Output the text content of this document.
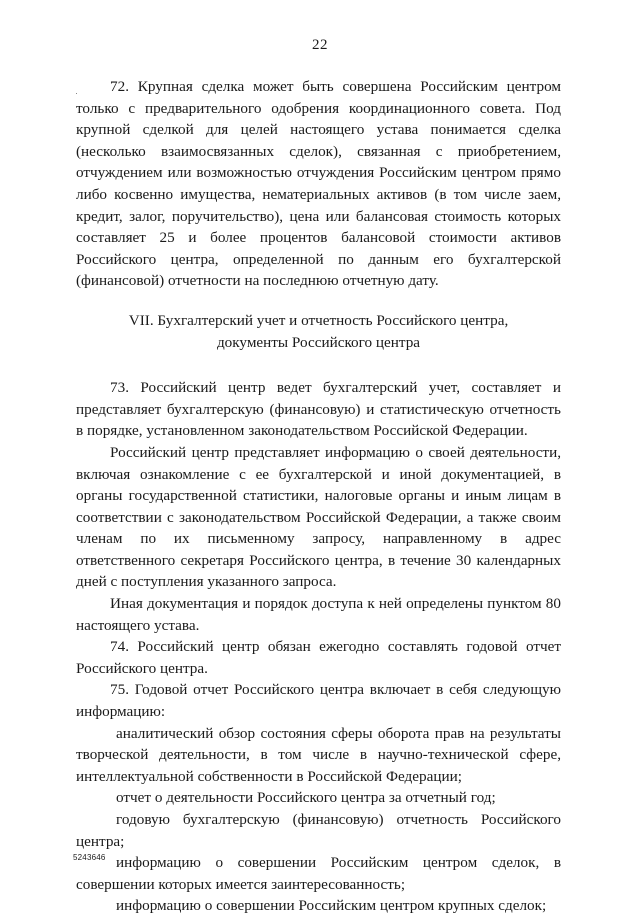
22

72. Крупная сделка может быть совершена Российским центром только с предварительного одобрения координационного совета. Под крупной сделкой для целей настоящего устава понимается сделка (несколько взаимосвязанных сделок), связанная с приобретением, отчуждением или возможностью отчуждения Российским центром прямо либо косвенно имущества, нематериальных активов (в том числе заем, кредит, залог, поручительство), цена или балансовая стоимость которых составляет 25 и более процентов балансовой стоимости активов Российского центра, определенной по данным его бухгалтерской (финансовой) отчетности на последнюю отчетную дату.

VII. Бухгалтерский учет и отчетность Российского центра,

документы Российского центра

73. Российский центр ведет бухгалтерский учет, составляет и представляет бухгалтерскую (финансовую) и статистическую отчетность в порядке, установленном законодательством Российской Федерации.

Российский центр представляет информацию о своей деятельности, включая ознакомление с ее бухгалтерской и иной документацией, в органы государственной статистики, налоговые органы и иным лицам в соответствии с законодательством Российской Федерации, а также своим членам по их письменному запросу, направленному в адрес ответственного секретаря Российского центра, в течение 30 календарных дней с поступления указанного запроса.

Иная документация и порядок доступа к ней определены пунктом 80 настоящего устава.

74. Российский центр обязан ежегодно составлять годовой отчет Российского центра.

75. Годовой отчет Российского центра включает в себя следующую информацию:

аналитический обзор состояния сферы оборота прав на результаты творческой деятельности, в том числе в научно-технической сфере, интеллектуальной собственности в Российской Федерации;

отчет о деятельности Российского центра за отчетный год;

годовую бухгалтерскую (финансовую) отчетность Российского центра;

информацию о совершении Российским центром сделок, в совершении которых имеется заинтересованность;

информацию о совершении Российским центром крупных сделок;

5243646
